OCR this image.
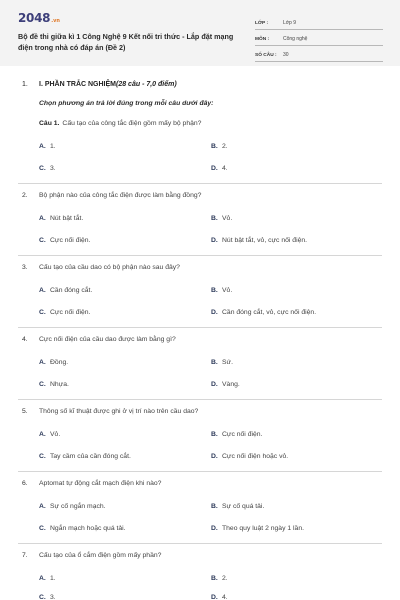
2048 .vn
Bộ đề thi giữa kì 1 Công Nghệ 9 Kết nối tri thức - Lắp đặt mạng điện trong nhà có đáp án (Đề 2)
LỚP :	Lớp 9
MÔN :	Công nghệ
SỐ CÂU : 30
1. I. PHẦN TRẮC NGHIỆM(28 câu - 7,0 điểm)
Chọn phương án trả lời đúng trong mỗi câu dưới đây:
Câu 1. Cấu tạo của công tắc điện gồm mấy bộ phận?
A. 1.	B. 2.
C. 3.	D. 4.
2. Bộ phận nào của công tắc điện được làm bằng đồng?
A. Nút bật tắt.	B. Vỏ.
C. Cực nối điện.	D. Nút bật tắt, vỏ, cực nối điện.
3. Cấu tạo của cầu dao có bộ phận nào sau đây?
A. Cần đóng cắt.	B. Vỏ.
C. Cực nối điện.	D. Cần đóng cắt, vỏ, cực nối điện.
4. Cực nối điện của cầu dao được làm bằng gì?
A. Đồng.	B. Sứ.
C. Nhựa.	D. Vàng.
5. Thông số kĩ thuật được ghi ở vị trí nào trên cầu dao?
A. Vỏ.	B. Cực nối điện.
C. Tay cầm của cần đóng cắt.	D. Cực nối điện hoặc vỏ.
6. Aptomat tự động cắt mạch điện khi nào?
A. Sự cố ngắn mạch.	B. Sự cố quá tải.
C. Ngắn mạch hoặc quá tải.	D. Theo quy luật 2 ngày 1 lần.
7. Cấu tạo của ổ cắm điện gồm mấy phần?
A. 1.	B. 2.
C. 3.	D. 4.
